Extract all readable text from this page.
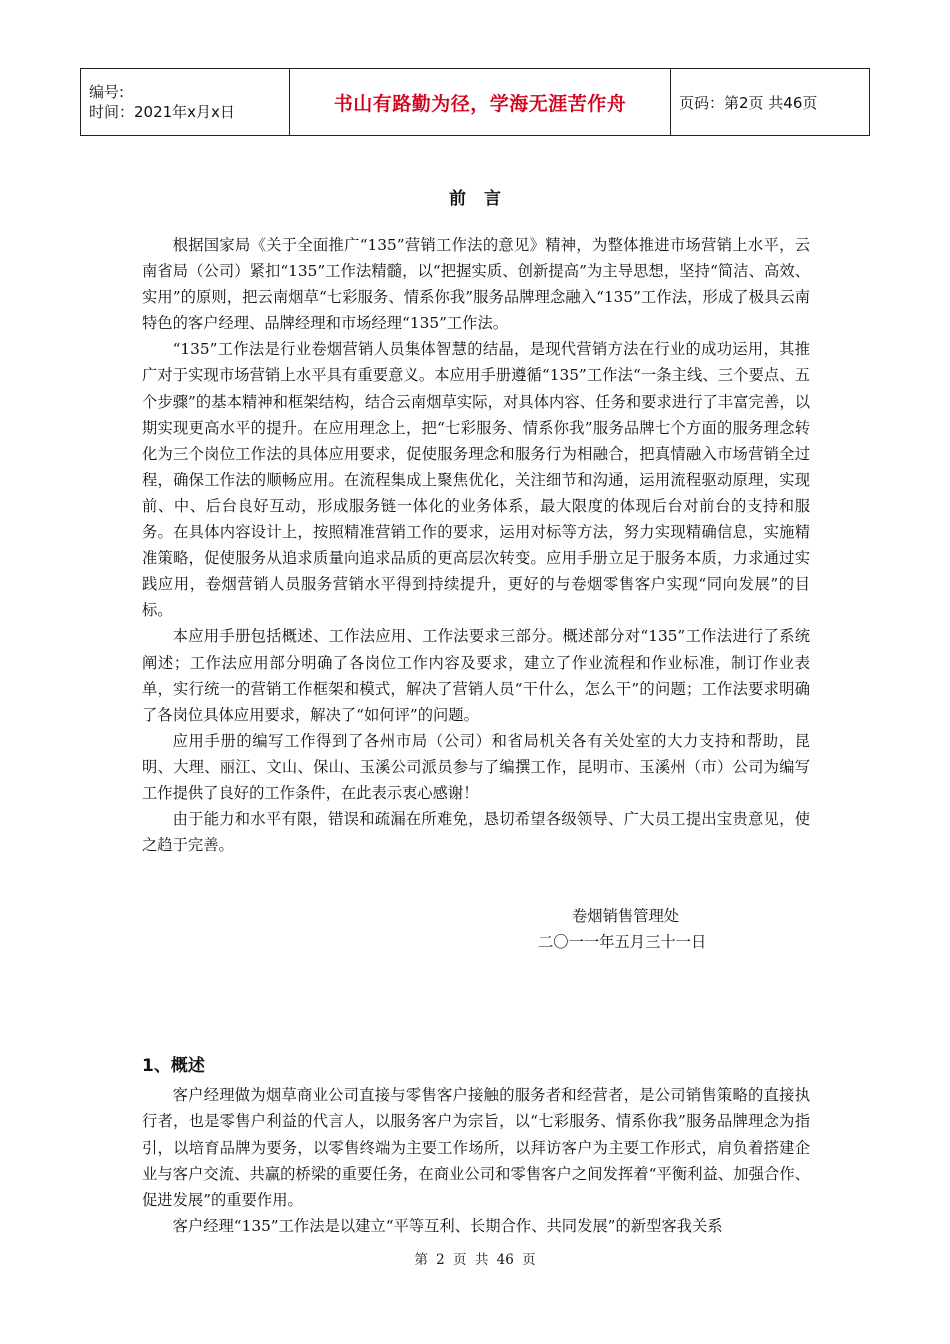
编号:
时间：2021年x月x日	书山有路勤为径，学海无涯苦作舟	页码：第2页 共46页
前言

根据国家局《关于全面推广“135”营销工作法的意见》精神，为整体推进市场营销上水平，云南省局（公司）紧扣“135”工作法精髓，以“把握实质、创新提高”为主导思想，坚持“简洁、高效、实用”的原则，把云南烟草“七彩服务、情系你我”服务品牌理念融入“135”工作法，形成了极具云南特色的客户经理、品牌经理和市场经理“135”工作法。

“135”工作法是行业卷烟营销人员集体智慧的结晶，是现代营销方法在行业的成功运用，其推广对于实现市场营销上水平具有重要意义。本应用手册遵循“135”工作法“一条主线、三个要点、五个步骤”的基本精神和框架结构，结合云南烟草实际，对具体内容、任务和要求进行了丰富完善，以期实现更高水平的提升。在应用理念上，把“七彩服务、情系你我”服务品牌七个方面的服务理念转化为三个岗位工作法的具体应用要求，促使服务理念和服务行为相融合，把真情融入市场营销全过程，确保工作法的顺畅应用。在流程集成上聚焦优化，关注细节和沟通，运用流程驱动原理，实现前、中、后台良好互动，形成服务链一体化的业务体系，最大限度的体现后台对前台的支持和服务。在具体内容设计上，按照精准营销工作的要求，运用对标等方法，努力实现精确信息，实施精准策略，促使服务从追求质量向追求品质的更高层次转变。应用手册立足于服务本质，力求通过实践应用，卷烟营销人员服务营销水平得到持续提升，更好的与卷烟零售客户实现“同向发展”的目标。

本应用手册包括概述、工作法应用、工作法要求三部分。概述部分对“135”工作法进行了系统阐述；工作法应用部分明确了各岗位工作内容及要求，建立了作业流程和作业标准，制订作业表单，实行统一的营销工作框架和模式，解决了营销人员“干什么，怎么干”的问题；工作法要求明确了各岗位具体应用要求，解决了“如何评”的问题。

应用手册的编写工作得到了各州市局（公司）和省局机关各有关处室的大力支持和帮助，昆明、大理、丽江、文山、保山、玉溪公司派员参与了编撰工作，昆明市、玉溪州（市）公司为编写工作提供了良好的工作条件，在此表示衷心感谢！

由于能力和水平有限，错误和疏漏在所难免，恳切希望各级领导、广大员工提出宝贵意见，使之趋于完善。

卷烟销售管理处
二〇一一年五月三十一日
1、概述

客户经理做为烟草商业公司直接与零售客户接触的服务者和经营者，是公司销售策略的直接执行者，也是零售户利益的代言人，以服务客户为宗旨，以“七彩服务、情系你我”服务品牌理念为指引，以培育品牌为要务，以零售终端为主要工作场所，以拜访客户为主要工作形式，肩负着搭建企业与客户交流、共赢的桥梁的重要任务，在商业公司和零售客户之间发挥着“平衡利益、加强合作、促进发展”的重要作用。

客户经理“135”工作法是以建立“平等互利、长期合作、共同发展”的新型客我关系

第 2 页 共 46 页
